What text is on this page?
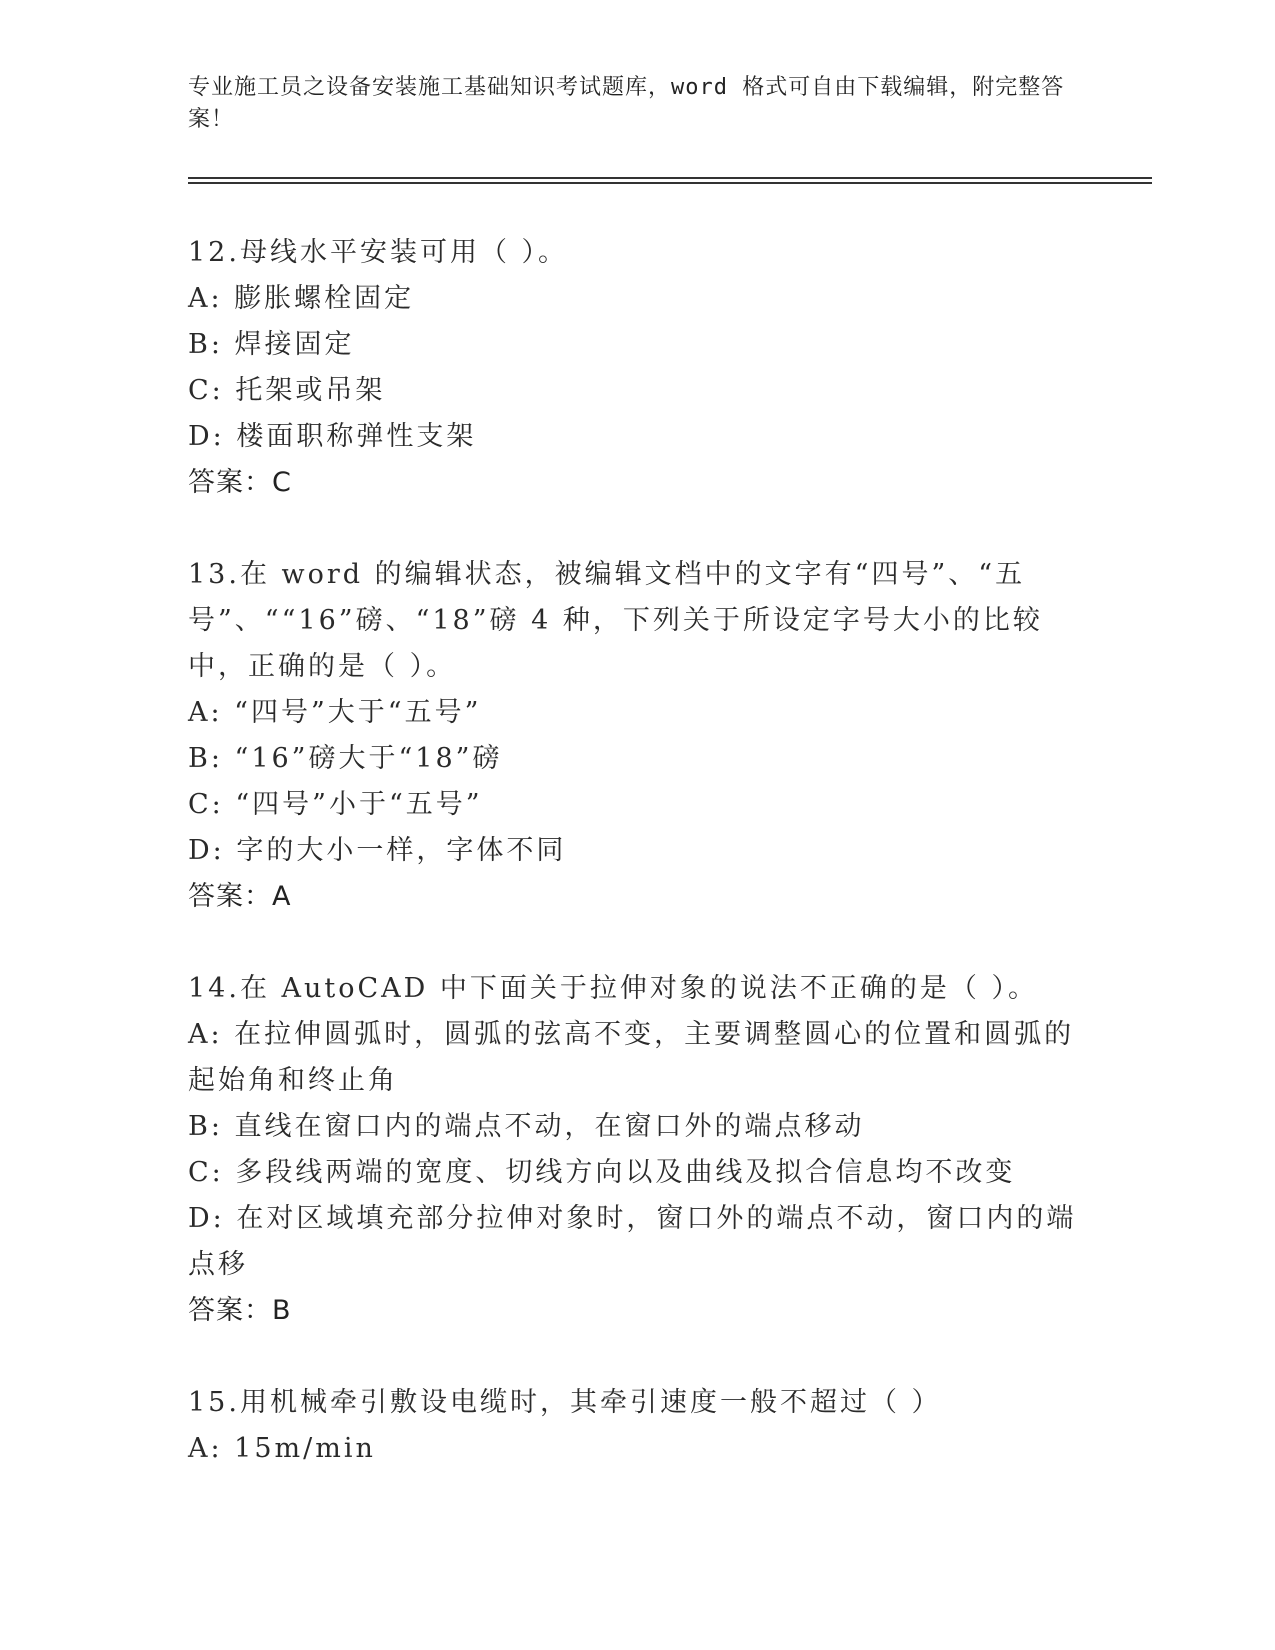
专业施工员之设备安装施工基础知识考试题库，word 格式可自由下载编辑，附完整答案！

12.母线水平安装可用（ ）。

A: 膨胀螺栓固定

B: 焊接固定

C: 托架或吊架

D: 楼面职称弹性支架

答案：C

13.在 word 的编辑状态，被编辑文档中的文字有“四号”、“五号”、““16”磅、“18”磅 4 种，下列关于所设定字号大小的比较中，正确的是（ ）。

A: “四号”大于“五号”

B: “16”磅大于“18”磅

C: “四号”小于“五号”

D: 字的大小一样，字体不同

答案：A

14.在 AutoCAD 中下面关于拉伸对象的说法不正确的是（ ）。

A: 在拉伸圆弧时，圆弧的弦高不变，主要调整圆心的位置和圆弧的起始角和终止角

B: 直线在窗口内的端点不动，在窗口外的端点移动

C: 多段线两端的宽度、切线方向以及曲线及拟合信息均不改变

D: 在对区域填充部分拉伸对象时，窗口外的端点不动，窗口内的端点移

答案：B

15.用机械牵引敷设电缆时，其牵引速度一般不超过（ ）

A: 15m/min
